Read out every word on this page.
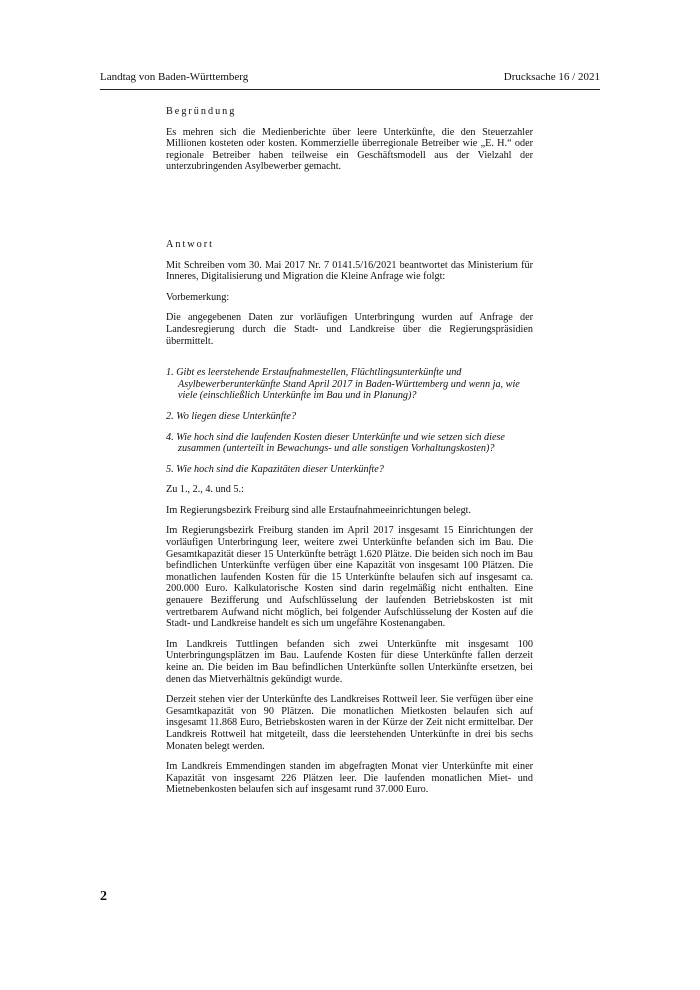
Landtag von Baden-Württemberg	Drucksache 16 / 2021

Begründung

Es mehren sich die Medienberichte über leere Unterkünfte, die den Steuerzahler Millionen kosteten oder kosten. Kommerzielle überregionale Betreiber wie „E. H.“ oder regionale Betreiber haben teilweise ein Geschäftsmodell aus der Vielzahl der unterzubringenden Asylbewerber gemacht.

Antwort

Mit Schreiben vom 30. Mai 2017 Nr. 7 0141.5/16/2021 beantwortet das Ministerium für Inneres, Digitalisierung und Migration die Kleine Anfrage wie folgt:

Vorbemerkung:

Die angegebenen Daten zur vorläufigen Unterbringung wurden auf Anfrage der Landesregierung durch die Stadt- und Landkreise über die Regierungspräsidien übermittelt.

1. Gibt es leerstehende Erstaufnahmestellen, Flüchtlingsunterkünfte und Asylbewerberunterkünfte Stand April 2017 in Baden-Württemberg und wenn ja, wie viele (einschließlich Unterkünfte im Bau und in Planung)?

2. Wo liegen diese Unterkünfte?

4. Wie hoch sind die laufenden Kosten dieser Unterkünfte und wie setzen sich diese zusammen (unterteilt in Bewachungs- und alle sonstigen Vorhaltungskosten)?

5. Wie hoch sind die Kapazitäten dieser Unterkünfte?

Zu 1., 2., 4. und 5.:

Im Regierungsbezirk Freiburg sind alle Erstaufnahmeeinrichtungen belegt.

Im Regierungsbezirk Freiburg standen im April 2017 insgesamt 15 Einrichtungen der vorläufigen Unterbringung leer, weitere zwei Unterkünfte befanden sich im Bau. Die Gesamtkapazität dieser 15 Unterkünfte beträgt 1.620 Plätze. Die beiden sich noch im Bau befindlichen Unterkünfte verfügen über eine Kapazität von insgesamt 100 Plätzen. Die monatlichen laufenden Kosten für die 15 Unterkünfte belaufen sich auf insgesamt ca. 200.000 Euro. Kalkulatorische Kosten sind darin regelmäßig nicht enthalten. Eine genauere Bezifferung und Aufschlüsselung der laufenden Betriebskosten ist mit vertretbarem Aufwand nicht möglich, bei folgender Aufschlüsselung der Kosten auf die Stadt- und Landkreise handelt es sich um ungefähre Kostenangaben.

Im Landkreis Tuttlingen befanden sich zwei Unterkünfte mit insgesamt 100 Unterbringungsplätzen im Bau. Laufende Kosten für diese Unterkünfte fallen derzeit keine an. Die beiden im Bau befindlichen Unterkünfte sollen Unterkünfte ersetzen, bei denen das Mietverhältnis gekündigt wurde.

Derzeit stehen vier der Unterkünfte des Landkreises Rottweil leer. Sie verfügen über eine Gesamtkapazität von 90 Plätzen. Die monatlichen Mietkosten belaufen sich auf insgesamt 11.868 Euro, Betriebskosten waren in der Kürze der Zeit nicht ermittelbar. Der Landkreis Rottweil hat mitgeteilt, dass die leerstehenden Unterkünfte in drei bis sechs Monaten belegt werden.

Im Landkreis Emmendingen standen im abgefragten Monat vier Unterkünfte mit einer Kapazität von insgesamt 226 Plätzen leer. Die laufenden monatlichen Miet- und Mietnebenkosten belaufen sich auf insgesamt rund 37.000 Euro.

2
